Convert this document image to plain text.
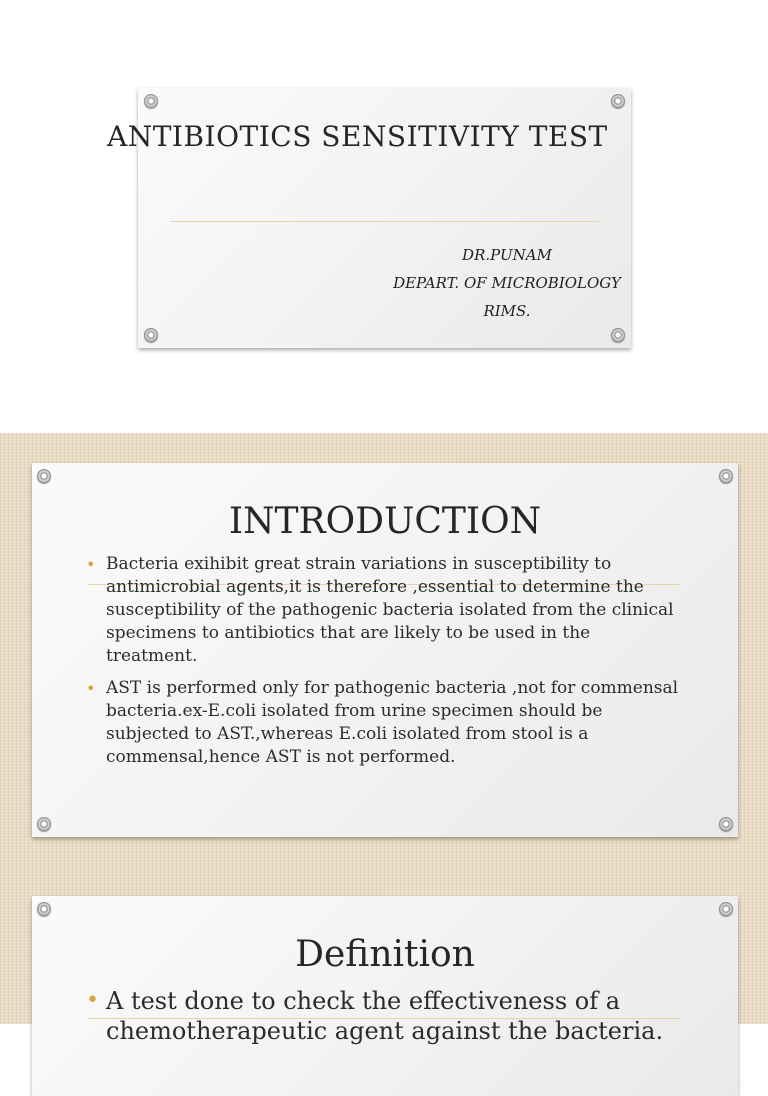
ANTIBIOTICS SENSITIVITY TEST
DR.PUNAM
DEPART. OF MICROBIOLOGY
RIMS.
INTRODUCTION
• Bacteria exihibit great strain variations in susceptibility to antimicrobial agents,it is therefore ,essential to determine the susceptibility of the pathogenic bacteria isolated from the clinical specimens to antibiotics that are likely to be used in the treatment.
• AST is performed only for pathogenic bacteria ,not for commensal bacteria.ex-E.coli isolated from urine specimen should be subjected to AST.,whereas E.coli isolated from stool is a commensal,hence AST is not performed.
Definition
• A test done to check the effectiveness of a chemotherapeutic agent against the bacteria.
